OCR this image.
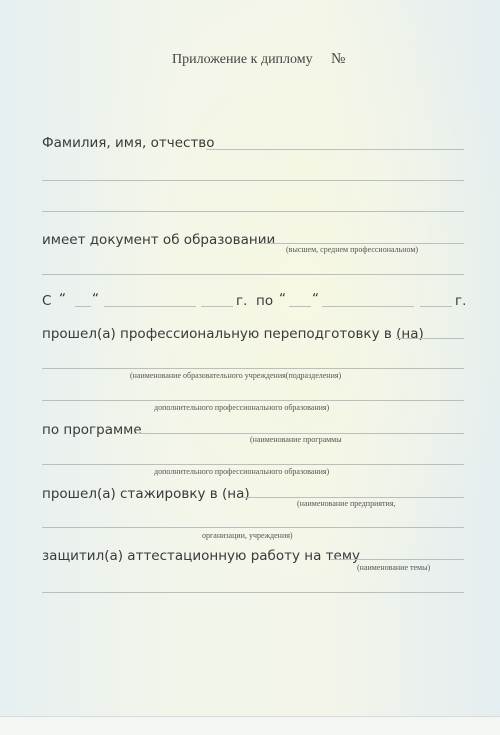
Приложение к диплому №
Фамилия, имя, отчество
имеет документ об образовании
(высшем, среднем профессиональном)
С “ “	г. по “ “	г.
прошел(а) профессиональную переподготовку в (на)
(наименование образовательного учреждения(подразделения)
дополнительного профессионального образования)
по программе
(наименование программы
дополнительного профессионального образования)
прошел(а) стажировку в (на)
(наименование предприятия,
организации, учреждения)
защитил(а) аттестационную работу на тему
(наименование темы)
